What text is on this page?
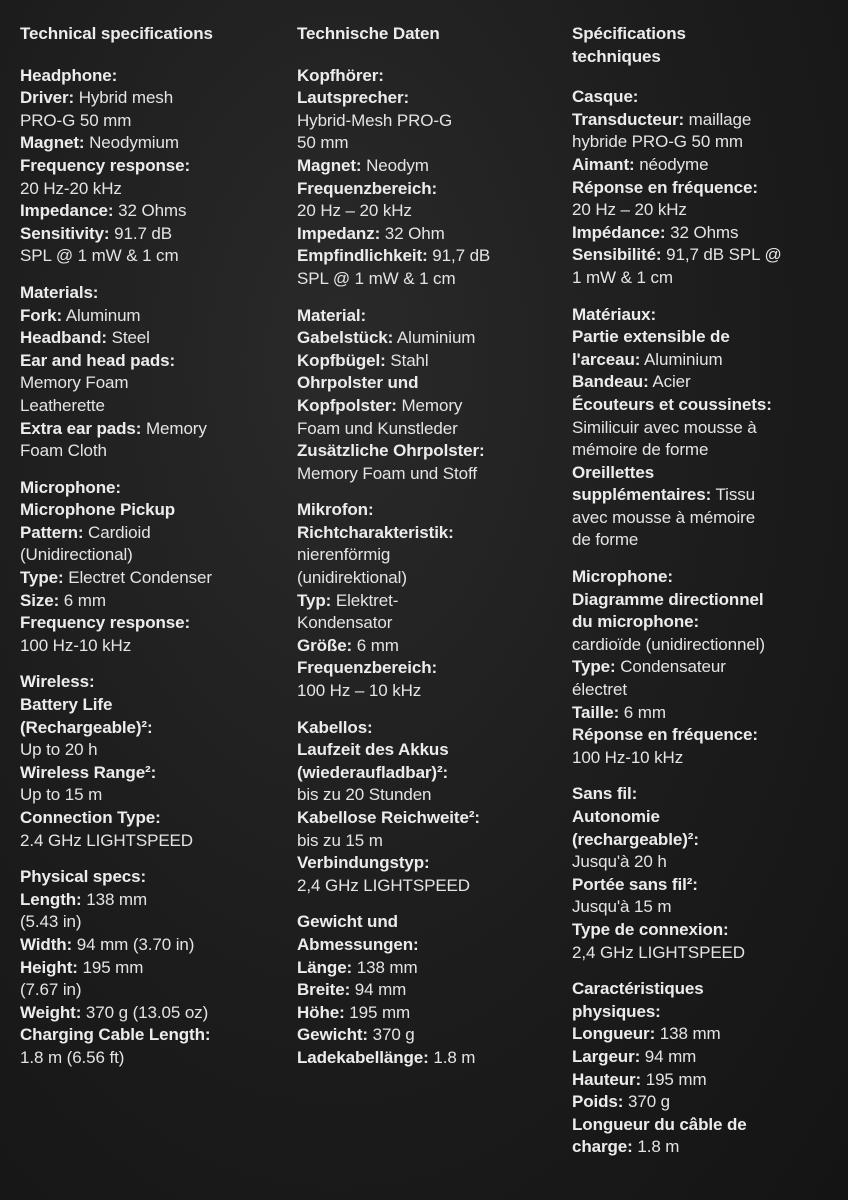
Technical specifications
Headphone:
Driver: Hybrid mesh
PRO-G 50 mm
Magnet: Neodymium
Frequency response:
20 Hz-20 kHz
Impedance: 32 Ohms
Sensitivity: 91.7 dB
SPL @ 1 mW & 1 cm
Materials:
Fork: Aluminum
Headband: Steel
Ear and head pads:
Memory Foam
Leatherette
Extra ear pads: Memory
Foam Cloth
Microphone:
Microphone Pickup
Pattern: Cardioid
(Unidirectional)
Type: Electret Condenser
Size: 6 mm
Frequency response:
100 Hz-10 kHz
Wireless:
Battery Life
(Rechargeable)²:
Up to 20 h
Wireless Range²:
Up to 15 m
Connection Type:
2.4 GHz LIGHTSPEED
Physical specs:
Length: 138 mm
(5.43 in)
Width: 94 mm (3.70 in)
Height: 195 mm
(7.67 in)
Weight: 370 g (13.05 oz)
Charging Cable Length:
1.8 m (6.56 ft)
Technische Daten
Kopfhörer:
Lautsprecher:
Hybrid-Mesh PRO-G
50 mm
Magnet: Neodym
Frequenzbereich:
20 Hz – 20 kHz
Impedanz: 32 Ohm
Empfindlichkeit: 91,7 dB
SPL @ 1 mW & 1 cm
Material:
Gabelstück: Aluminium
Kopfbügel: Stahl
Ohrpolster und
Kopfpolster: Memory
Foam und Kunstleder
Zusätzliche Ohrpolster:
Memory Foam und Stoff
Mikrofon:
Richtcharakteristik:
nierenförmig
(unidirektional)
Typ: Elektret-
Kondensator
Größe: 6 mm
Frequenzbereich:
100 Hz – 10 kHz
Kabellos:
Laufzeit des Akkus
(wiederaufladbar)²:
bis zu 20 Stunden
Kabellose Reichweite²:
bis zu 15 m
Verbindungstyp:
2,4 GHz LIGHTSPEED
Gewicht und
Abmessungen:
Länge: 138 mm
Breite: 94 mm
Höhe: 195 mm
Gewicht: 370 g
Ladekabellänge: 1.8 m
Spécifications techniques
Casque:
Transducteur: maillage
hybride PRO-G 50 mm
Aimant: néodyme
Réponse en fréquence:
20 Hz – 20 kHz
Impédance: 32 Ohms
Sensibilité: 91,7 dB SPL @
1 mW & 1 cm
Matériaux:
Partie extensible de
l'arceau: Aluminium
Bandeau: Acier
Écouteurs et coussinets:
Similicuir avec mousse à
mémoire de forme
Oreillettes
supplémentaires: Tissu
avec mousse à mémoire
de forme
Microphone:
Diagramme directionnel
du microphone:
cardioïde (unidirectionnel)
Type: Condensateur
électret
Taille: 6 mm
Réponse en fréquence:
100 Hz-10 kHz
Sans fil:
Autonomie
(rechargeable)²:
Jusqu'à 20 h
Portée sans fil²:
Jusqu'à 15 m
Type de connexion:
2,4 GHz LIGHTSPEED
Caractéristiques
physiques:
Longueur: 138 mm
Largeur: 94 mm
Hauteur: 195 mm
Poids: 370 g
Longueur du câble de
charge: 1.8 m
